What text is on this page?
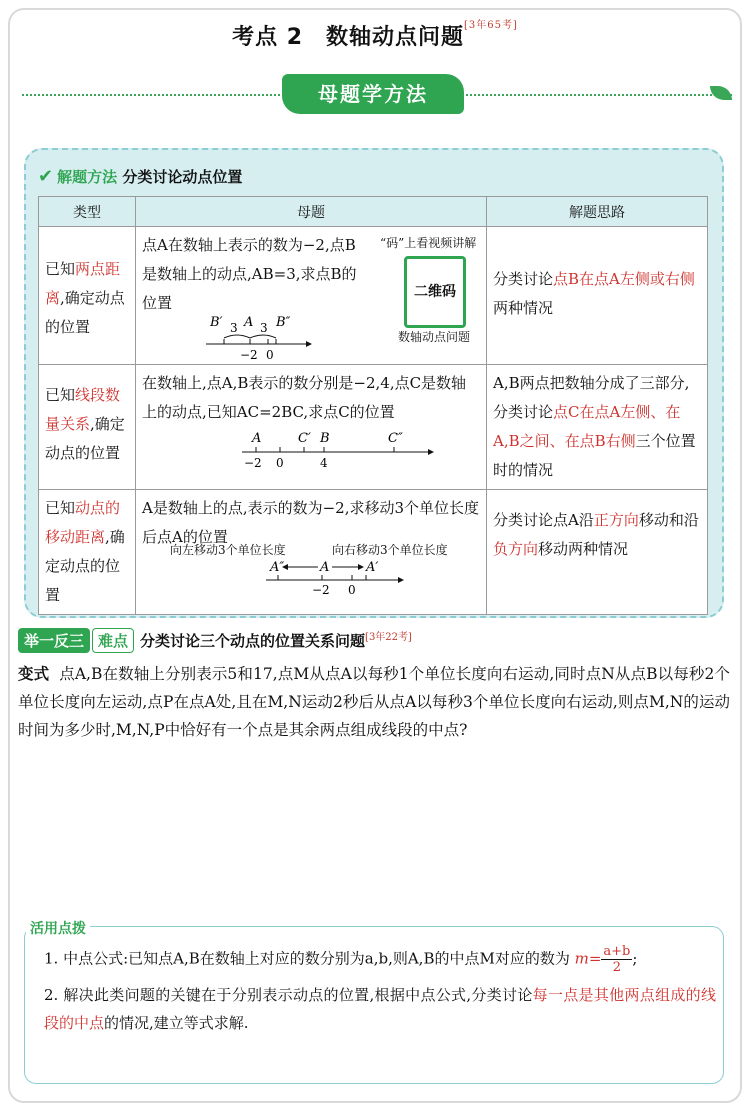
考点 2　数轴动点问题[3年65考]
母题学方法
✔ 解题方法 分类讨论动点位置
类型	母题	解题思路
已知两点距离,确定动点的位置	点A在数轴上表示的数为−2,点B是数轴上的动点,AB=3,求点B的位置	分类讨论点B在点A左侧或右侧两种情况
已知线段数量关系,确定动点的位置	在数轴上,点A,B表示的数分别是−2,4,点C是数轴上的动点,已知AC=2BC,求点C的位置	A,B两点把数轴分成了三部分,分类讨论点C在点A左侧、在A,B之间、在点B右侧三个位置时的情况
已知动点的移动距离,确定动点的位置	A是数轴上的点,表示的数为−2,求移动3个单位长度后点A的位置	分类讨论点A沿正方向移动和沿负方向移动两种情况
“码”上看视频讲解
二维码
数轴动点问题
B′ 3 A 3 B″
−2 0
A	C′ B	C″
−2 0	4
向左移动3个单位长度	向右移动3个单位长度
A″	A	A′
−2 0
举一反三 难点 分类讨论三个动点的位置关系问题[3年22考]
变式 点A,B在数轴上分别表示5和17,点M从点A以每秒1个单位长度向右运动,同时点N从点B以每秒2个单位长度向左运动,点P在点A处,且在M,N运动2秒后从点A以每秒3个单位长度向右运动,则点M,N的运动时间为多少时,M,N,P中恰好有一个点是其余两点组成线段的中点?
活用点拨
1. 中点公式:已知点A,B在数轴上对应的数分别为a,b,则A,B的中点M对应的数为 $m= \frac{a+b}{2}$ ;
2. 解决此类问题的关键在于分别表示动点的位置,根据中点公式,分类讨论每一点是其他两点组成的线段的中点的情况,建立等式求解.
